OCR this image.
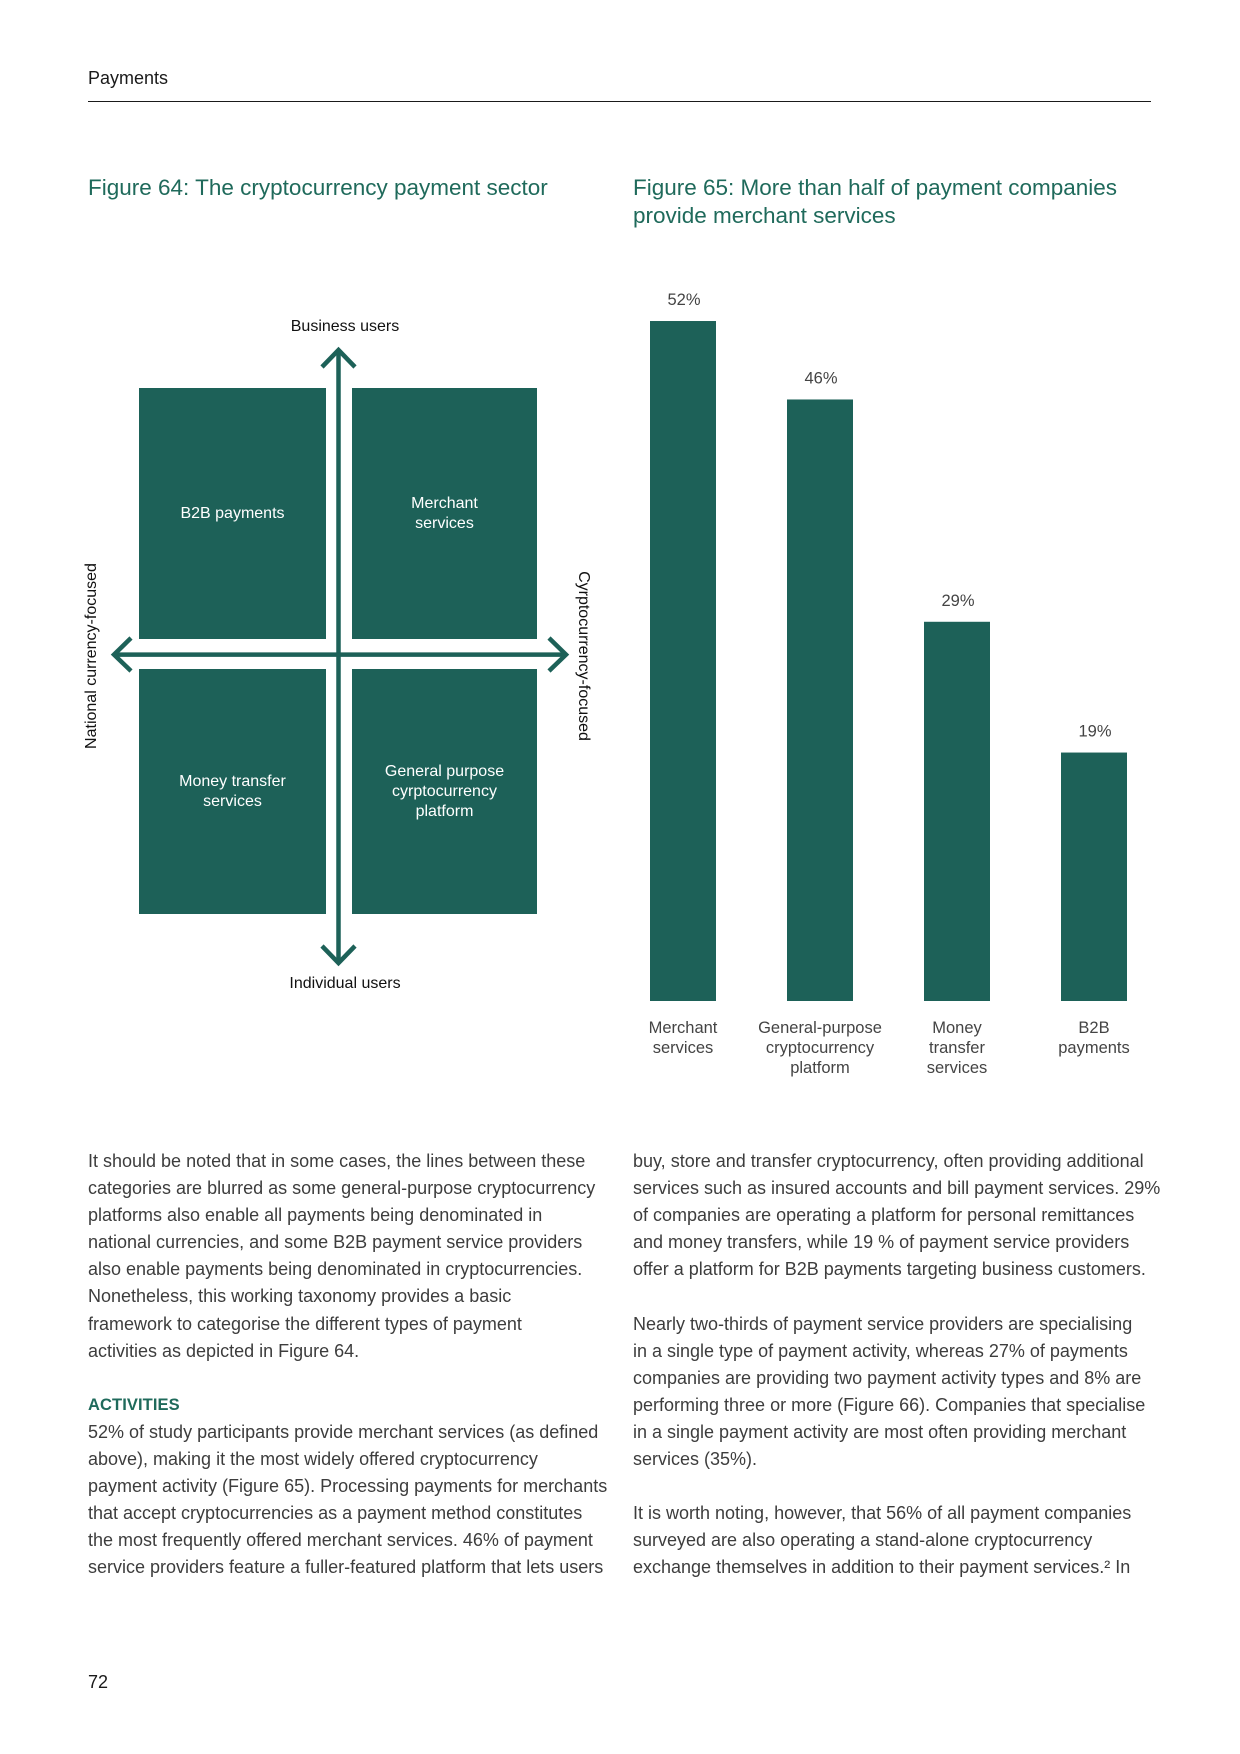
Payments
Figure 64: The cryptocurrency payment sector	Figure 65: More than half of payment companies
provide merchant services
B2B payments
Merchant
services
Money transfer
services
General purpose
cyrptocurrency
platform
Business users
Individual users
National currency-focused	Cyrptocurrency-focused
52%
46%
29%
19%
It should be noted that in some cases, the lines between these
categories are blurred as some general-purpose cryptocurrency
platforms also enable all payments being denominated in
national currencies, and some B2B payment service providers
also enable payments being denominated in cryptocurrencies.
Nonetheless, this working taxonomy provides a basic
framework to categorise the different types of payment
activities as depicted in Figure 64.
ACTIVITIES
52% of study participants provide merchant services (as defined
above), making it the most widely offered cryptocurrency
payment activity (Figure 65). Processing payments for merchants
that accept cryptocurrencies as a payment method constitutes
the most frequently offered merchant services. 46% of payment
service providers feature a fuller-featured platform that lets users
buy, store and transfer cryptocurrency, often providing additional
services such as insured accounts and bill payment services. 29%
of companies are operating a platform for personal remittances
and money transfers, while 19 % of payment service providers
offer a platform for B2B payments targeting business customers.
Nearly two-thirds of payment service providers are specialising
in a single type of payment activity, whereas 27% of payments
companies are providing two payment activity types and 8% are
performing three or more (Figure 66). Companies that specialise
in a single payment activity are most often providing merchant
services (35%).
It is worth noting, however, that 56% of all payment companies
surveyed are also operating a stand-alone cryptocurrency
exchange themselves in addition to their payment services.² In
72
Merchant
services
General-purpose
cryptocurrency
platform
Money
transfer
services
B2B
payments
